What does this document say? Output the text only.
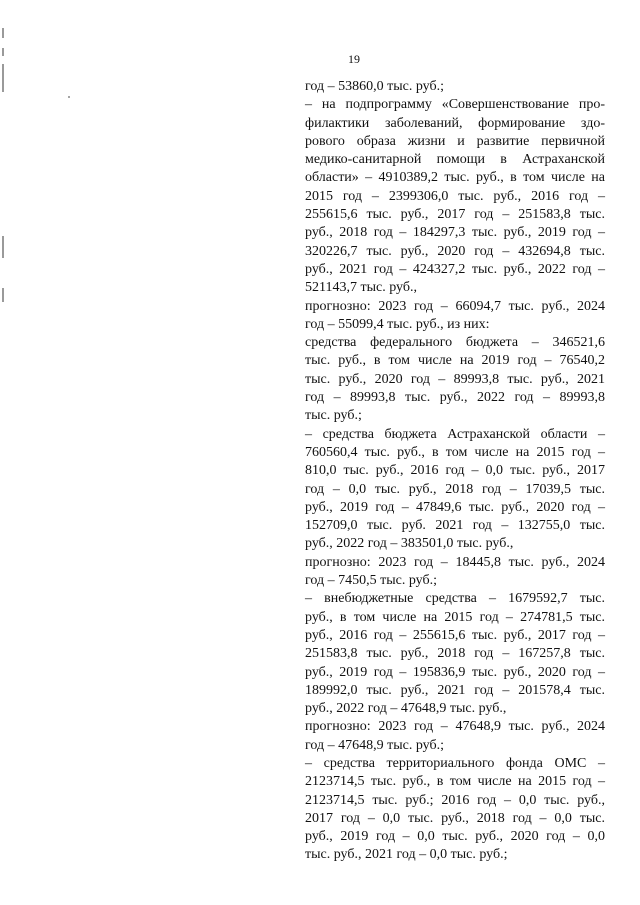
19
год – 53860,0 тыс. руб.;
– на подпрограмму «Совершенствование про-
филактики заболеваний, формирование здо-
рового образа жизни и развитие первичной
медико-санитарной помощи в Астраханской
области» – 4910389,2 тыс. руб., в том числе на
2015 год – 2399306,0 тыс. руб., 2016 год –
255615,6 тыс. руб., 2017 год – 251583,8 тыс.
руб., 2018 год – 184297,3 тыс. руб., 2019 год –
320226,7 тыс. руб., 2020 год – 432694,8 тыс.
руб., 2021 год – 424327,2 тыс. руб., 2022 год –
521143,7 тыс. руб.,
прогнозно: 2023 год – 66094,7 тыс. руб., 2024
год – 55099,4 тыс. руб., из них:
средства федерального бюджета – 346521,6
тыс. руб., в том числе на 2019 год – 76540,2
тыс. руб., 2020 год – 89993,8 тыс. руб., 2021
год – 89993,8 тыс. руб., 2022 год – 89993,8
тыс. руб.;
– средства бюджета Астраханской области –
760560,4 тыс. руб., в том числе на 2015 год –
810,0 тыс. руб., 2016 год – 0,0 тыс. руб., 2017
год – 0,0 тыс. руб., 2018 год – 17039,5 тыс.
руб., 2019 год – 47849,6 тыс. руб., 2020 год –
152709,0 тыс. руб. 2021 год – 132755,0 тыс.
руб., 2022 год – 383501,0 тыс. руб.,
прогнозно: 2023 год – 18445,8 тыс. руб., 2024
год – 7450,5 тыс. руб.;
– внебюджетные средства – 1679592,7 тыс.
руб., в том числе на 2015 год – 274781,5 тыс.
руб., 2016 год – 255615,6 тыс. руб., 2017 год –
251583,8 тыс. руб., 2018 год – 167257,8 тыс.
руб., 2019 год – 195836,9 тыс. руб., 2020 год –
189992,0 тыс. руб., 2021 год – 201578,4 тыс.
руб., 2022 год – 47648,9 тыс. руб.,
прогнозно: 2023 год – 47648,9 тыс. руб., 2024
год – 47648,9 тыс. руб.;
– средства территориального фонда ОМС –
2123714,5 тыс. руб., в том числе на 2015 год –
2123714,5 тыс. руб.; 2016 год – 0,0 тыс. руб.,
2017 год – 0,0 тыс. руб., 2018 год – 0,0 тыс.
руб., 2019 год – 0,0 тыс. руб., 2020 год – 0,0
тыс. руб., 2021 год – 0,0 тыс. руб.;
